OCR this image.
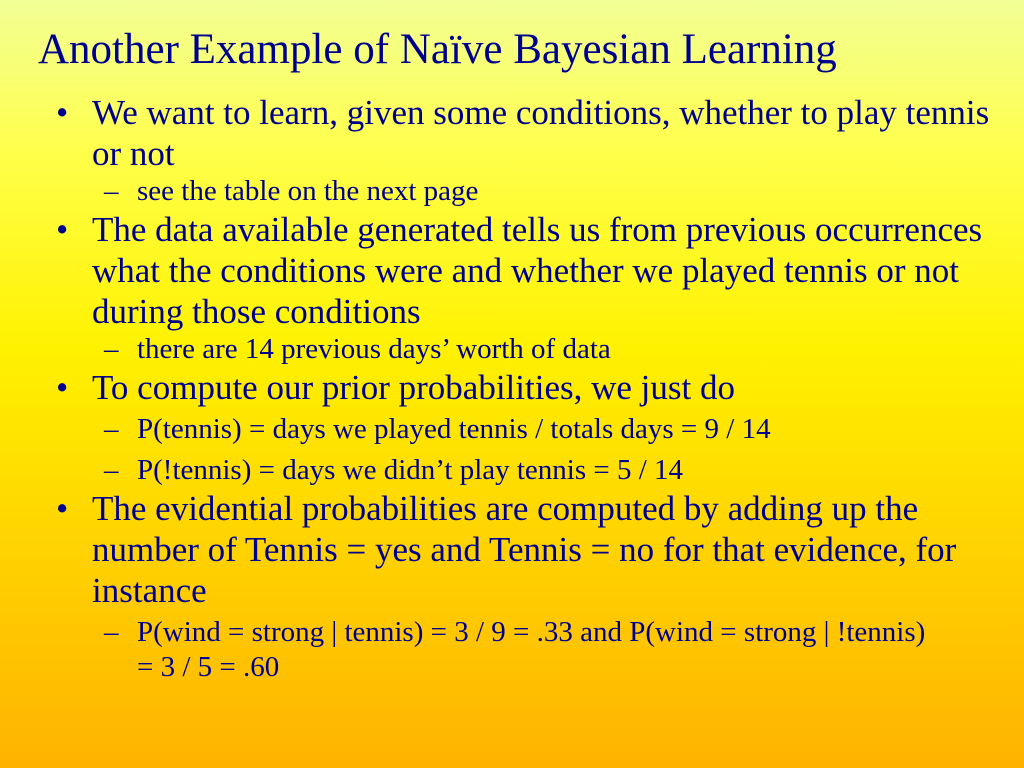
Another Example of Naïve Bayesian Learning
• We want to learn, given some conditions, whether to play tennis or not
– see the table on the next page
• The data available generated tells us from previous occurrences what the conditions were and whether we played tennis or not during those conditions
– there are 14 previous days’ worth of data
• To compute our prior probabilities, we just do
– P(tennis) = days we played tennis / totals days = 9 / 14
– P(!tennis) = days we didn’t play tennis = 5 / 14
• The evidential probabilities are computed by adding up the number of Tennis = yes and Tennis = no for that evidence, for instance
– P(wind = strong | tennis) = 3 / 9 = .33 and P(wind = strong | !tennis) = 3 / 5 = .60
